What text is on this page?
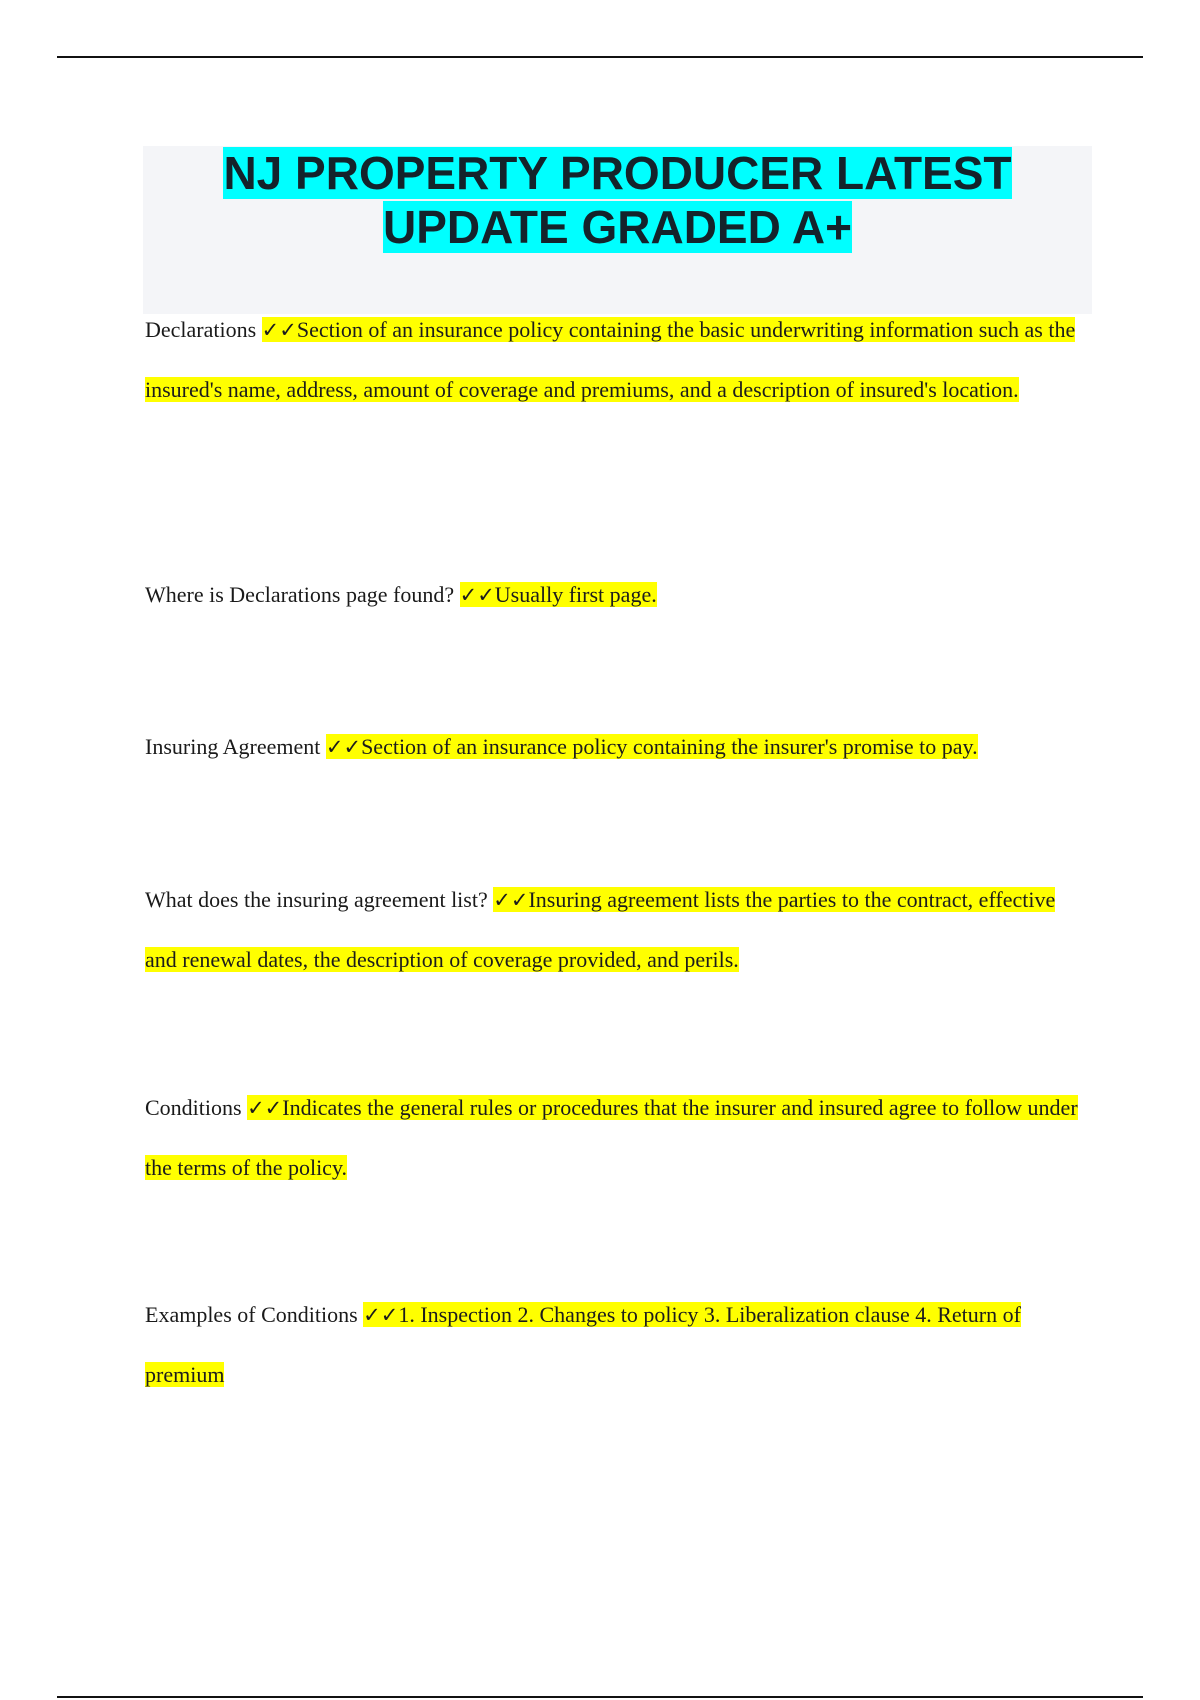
NJ PROPERTY PRODUCER LATEST UPDATE GRADED A+

Declarations ✓✓Section of an insurance policy containing the basic underwriting information such as the insured's name, address, amount of coverage and premiums, and a description of insured's location.

Where is Declarations page found? ✓✓Usually first page.

Insuring Agreement ✓✓Section of an insurance policy containing the insurer's promise to pay.

What does the insuring agreement list? ✓✓Insuring agreement lists the parties to the contract, effective and renewal dates, the description of coverage provided, and perils.

Conditions ✓✓Indicates the general rules or procedures that the insurer and insured agree to follow under the terms of the policy.

Examples of Conditions ✓✓1. Inspection 2. Changes to policy 3. Liberalization clause 4. Return of premium
